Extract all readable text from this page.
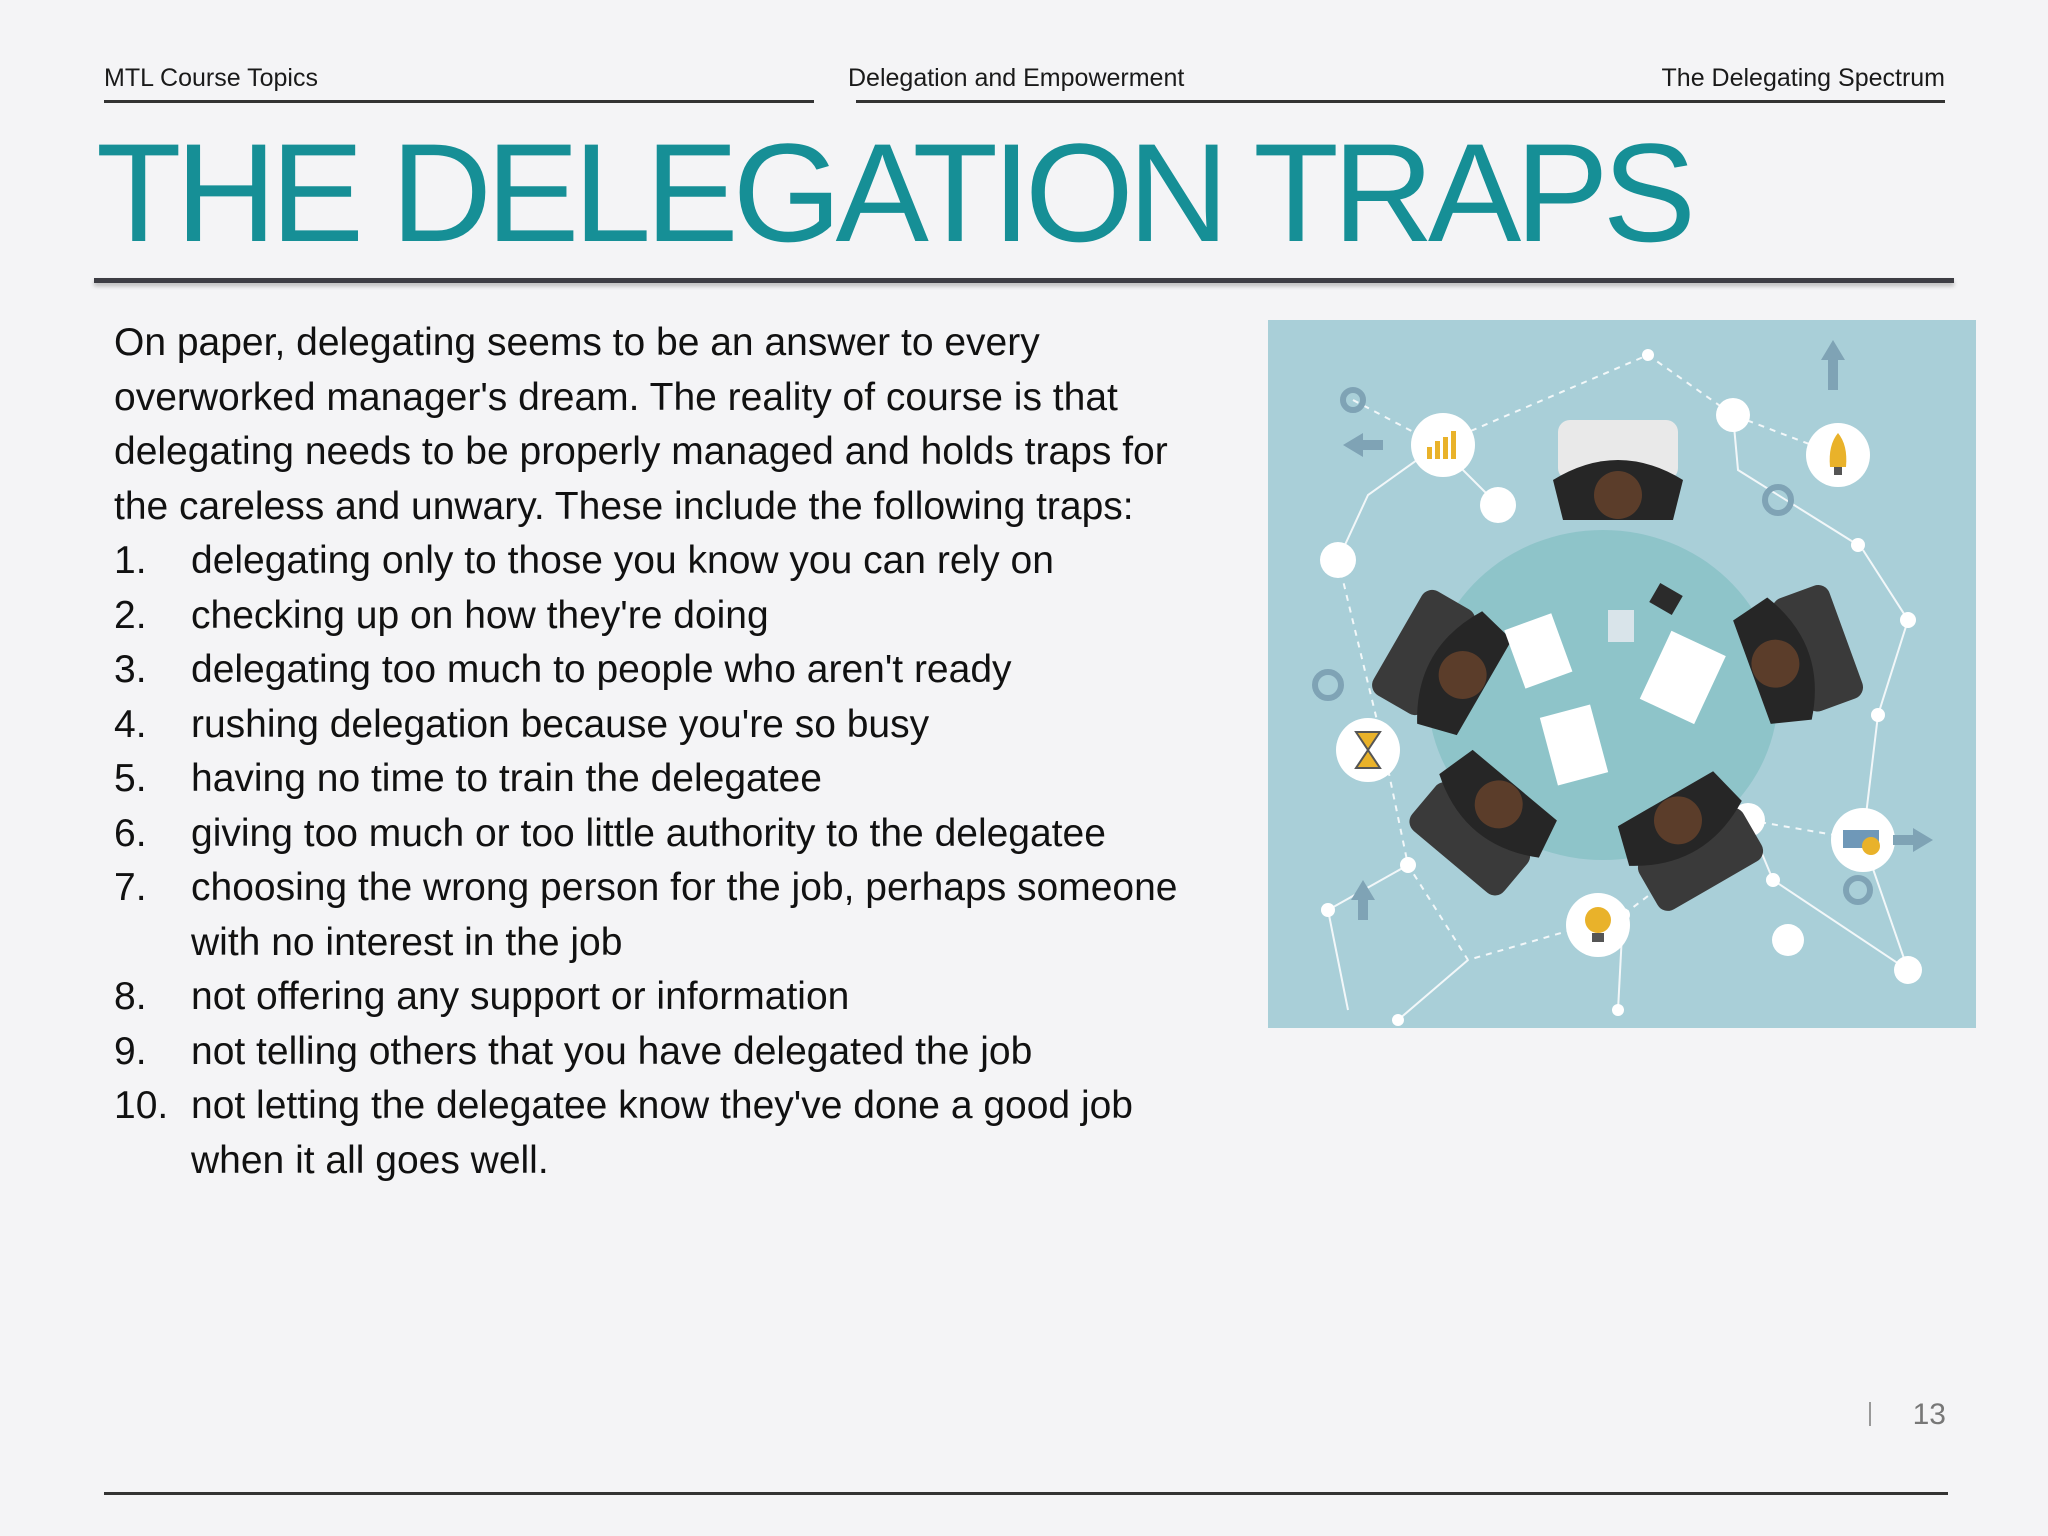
MTL Course Topics	Delegation and Empowerment	The Delegating Spectrum
THE DELEGATION TRAPS

On paper, delegating seems to be an answer to every overworked manager's dream. The reality of course is that delegating needs to be properly managed and holds traps for the careless and unwary. These include the following traps:

1. delegating only to those you know you can rely on
2. checking up on how they're doing
3. delegating too much to people who aren't ready
4. rushing delegation because you're so busy
5. having no time to train the delegatee
6. giving too much or too little authority to the delegatee
7. choosing the wrong person for the job, perhaps someone with no interest in the job
8. not offering any support or information
9. not telling others that you have delegated the job
10. not letting the delegatee know they've done a good job when it all goes well.
13
